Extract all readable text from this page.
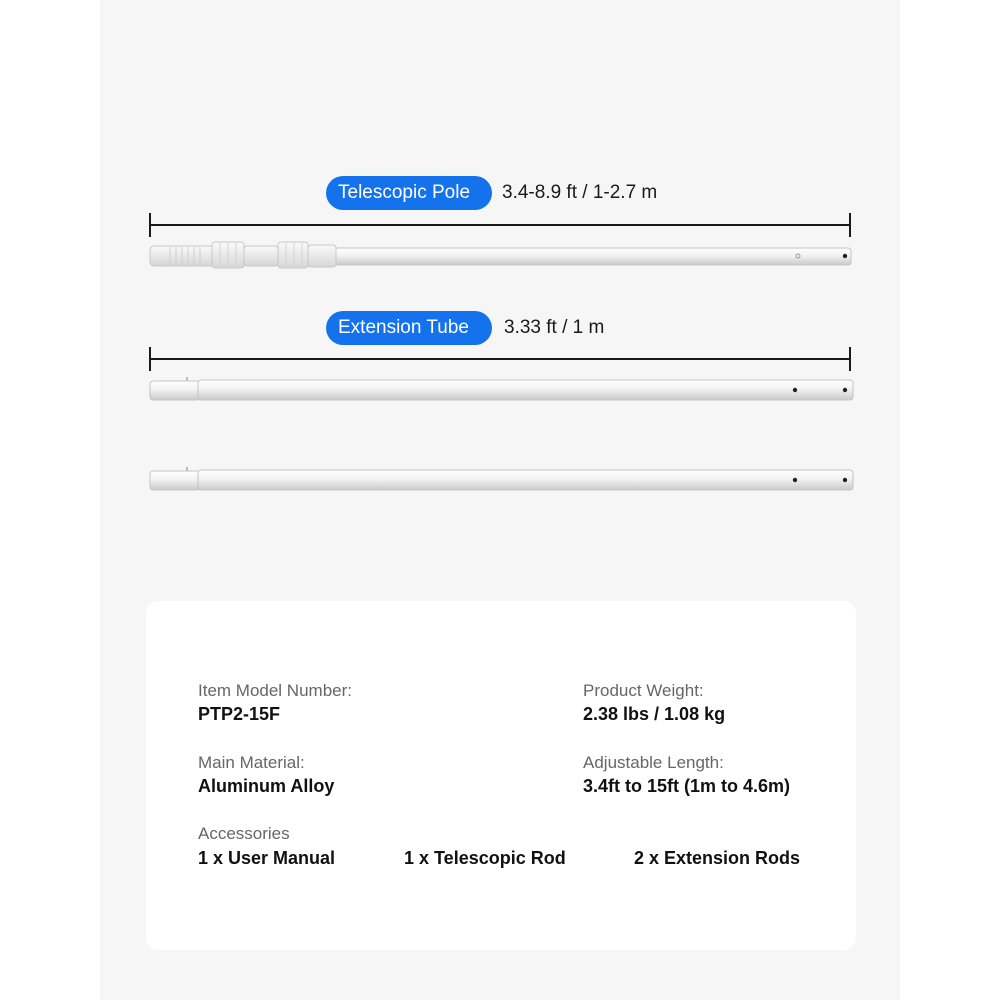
Telescopic Pole	3.4-8.9 ft / 1-2.7 m
Extension Tube	3.33 ft / 1 m
Item Model Number:
PTP2-15F
Product Weight:
2.38 lbs / 1.08 kg
Main Material:
Aluminum Alloy
Adjustable Length:
3.4ft to 15ft (1m to 4.6m)
Accessories
1 x User Manual	1 x Telescopic Rod	2 x Extension Rods
